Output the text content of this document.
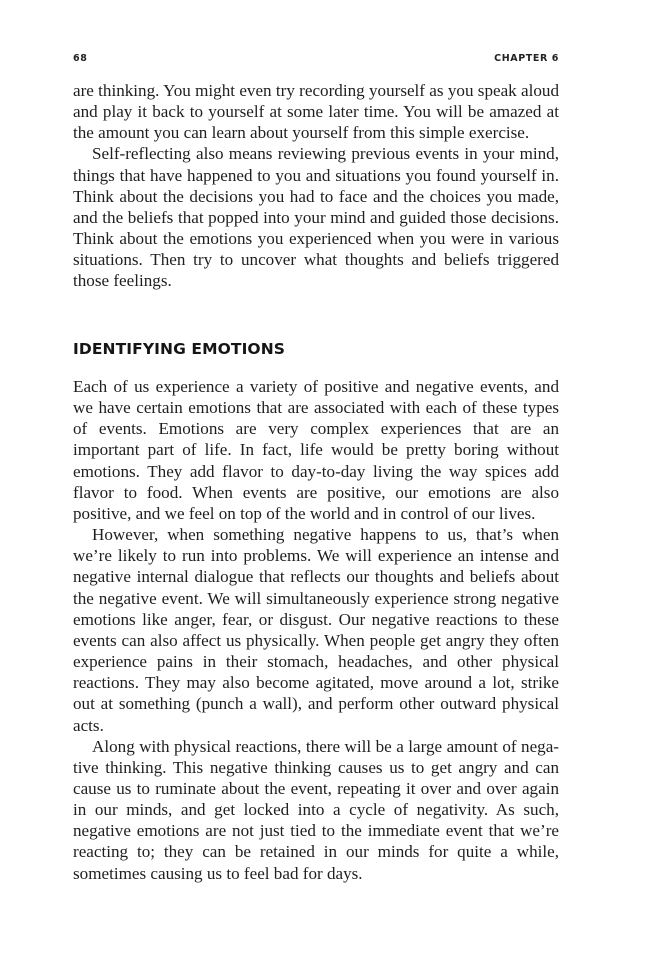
68	CHAPTER 6

are thinking. You might even try recording yourself as you speak aloud and play it back to yourself at some later time. You will be amazed at the amount you can learn about yourself from this simple exercise.

Self-reflecting also means reviewing previous events in your mind, things that have happened to you and situations you found yourself in. Think about the decisions you had to face and the choices you made, and the beliefs that popped into your mind and guided those decisions. Think about the emotions you experienced when you were in various situations. Then try to uncover what thoughts and beliefs triggered those feelings.

IDENTIFYING EMOTIONS

Each of us experience a variety of positive and negative events, and we have certain emotions that are associated with each of these types of events. Emotions are very complex experiences that are an important part of life. In fact, life would be pretty boring without emotions. They add flavor to day-to-day living the way spices add flavor to food. When events are positive, our emotions are also positive, and we feel on top of the world and in control of our lives.

However, when something negative happens to us, that’s when we’re likely to run into problems. We will experience an intense and negative internal dialogue that reflects our thoughts and beliefs about the negative event. We will simultaneously experience strong negative emotions like anger, fear, or disgust. Our negative reactions to these events can also affect us physically. When people get angry they often experience pains in their stomach, headaches, and other physical reactions. They may also become agitated, move around a lot, strike out at something (punch a wall), and perform other outward physical acts.

Along with physical reactions, there will be a large amount of negative thinking. This negative thinking causes us to get angry and can cause us to ruminate about the event, repeating it over and over again in our minds, and get locked into a cycle of negativity. As such, negative emotions are not just tied to the immediate event that we’re reacting to; they can be retained in our minds for quite a while, sometimes causing us to feel bad for days.
